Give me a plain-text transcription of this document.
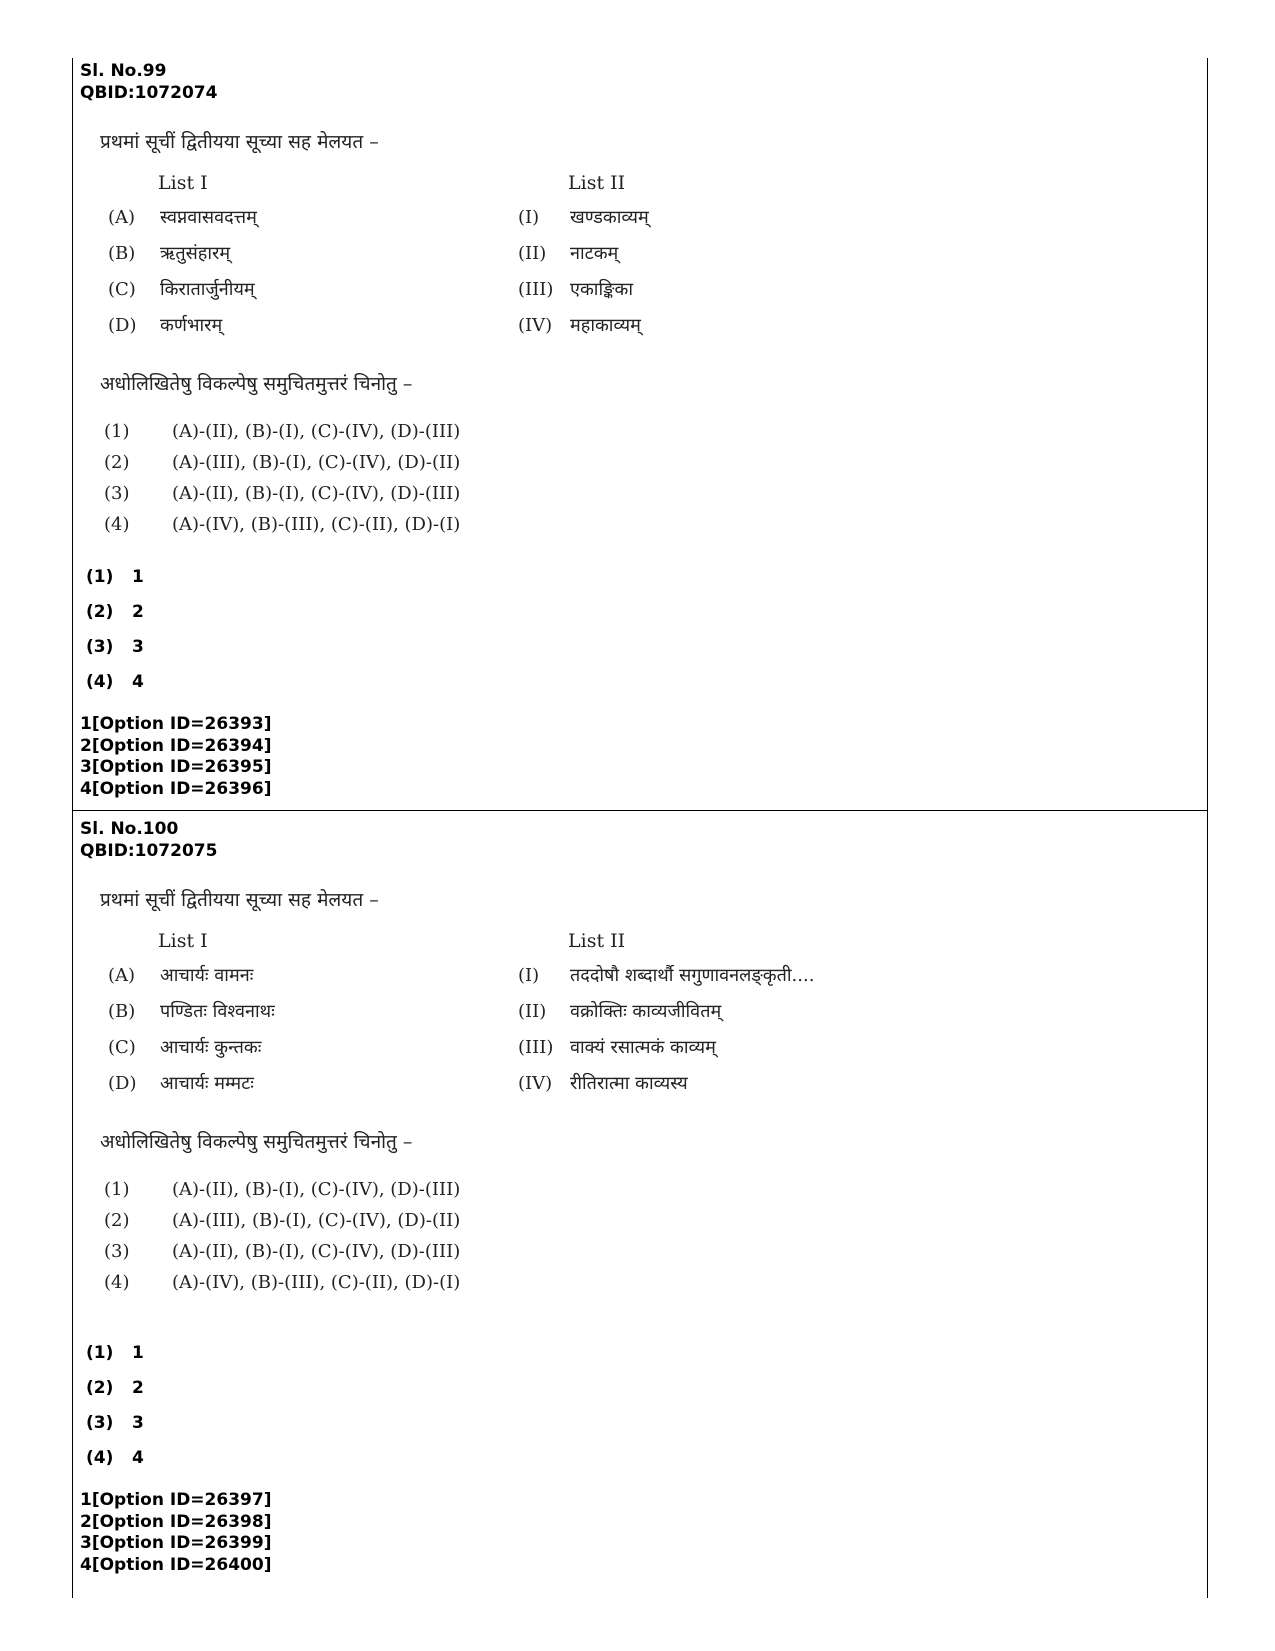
Sl. No.99
QBID:1072074
प्रथमां सूचीं द्वितीयया सूच्या सह मेलयत –
List I	List II
(A) स्वप्नवासवदत्तम्
(B) ऋतुसंहारम्
(C) किरातार्जुनीयम्
(D) कर्णभारम्
(I) खण्डकाव्यम्
(II) नाटकम्
(III) एकाङ्किका
(IV) महाकाव्यम्
अधोलिखितेषु विकल्पेषु समुचितमुत्तरं चिनोतु –
(1) (A)-(II), (B)-(I), (C)-(IV), (D)-(III)
(2) (A)-(III), (B)-(I), (C)-(IV), (D)-(II)
(3) (A)-(II), (B)-(I), (C)-(IV), (D)-(III)
(4) (A)-(IV), (B)-(III), (C)-(II), (D)-(I)
(1) 1
(2) 2
(3) 3
(4) 4
1[Option ID=26393]
2[Option ID=26394]
3[Option ID=26395]
4[Option ID=26396]
Sl. No.100
QBID:1072075
प्रथमां सूचीं द्वितीयया सूच्या सह मेलयत –
List I	List II
(A) आचार्यः वामनः
(B) पण्डितः विश्वनाथः
(C) आचार्यः कुन्तकः
(D) आचार्यः मम्मटः
(I) तददोषौ शब्दार्थौ सगुणावनलङ्कृती....
(II) वक्रोक्तिः काव्यजीवितम्
(III) वाक्यं रसात्मकं काव्यम्
(IV) रीतिरात्मा काव्यस्य
अधोलिखितेषु विकल्पेषु समुचितमुत्तरं चिनोतु –
(1) (A)-(II), (B)-(I), (C)-(IV), (D)-(III)
(2) (A)-(III), (B)-(I), (C)-(IV), (D)-(II)
(3) (A)-(II), (B)-(I), (C)-(IV), (D)-(III)
(4) (A)-(IV), (B)-(III), (C)-(II), (D)-(I)
(1) 1
(2) 2
(3) 3
(4) 4
1[Option ID=26397]
2[Option ID=26398]
3[Option ID=26399]
4[Option ID=26400]
